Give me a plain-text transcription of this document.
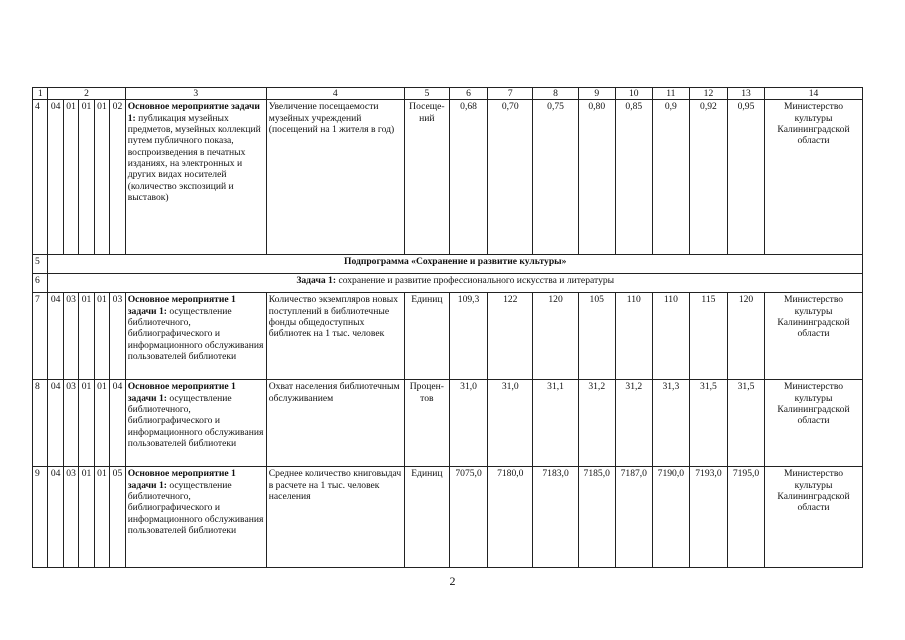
1	2					3	4	5	6	7	8	9	10	11	12	13	14
4	04	01	01	01	02	Основное мероприятие задачи 1: публикация музейных предметов, музейных коллекций путем публичного показа, воспроизведения в печатных изданиях, на электронных и других видах носителей (количество экспозиций и выставок)	Увеличение посещаемости музейных учреждений (посещений на 1 жителя в год)	Посеще-ний	0,68	0,70	0,75	0,80	0,85	0,9	0,92	0,95	Министерство культуры Калининградской области
5	Подпрограмма «Сохранение и развитие культуры»																
6	Задача 1: сохранение и развитие профессионального искусства и литературы																
7	04	03	01	01	03	Основное мероприятие 1 задачи 1: осуществление библиотечного, библиографического и информационного обслуживания пользователей библиотеки	Количество экземпляров новых поступлений в библиотечные фонды общедоступных библиотек на 1 тыс. человек	Единиц	109,3	122	120	105	110	110	115	120	Министерство культуры Калининградской области
8	04	03	01	01	04	Основное мероприятие 1 задачи 1: осуществление библиотечного, библиографического и информационного обслуживания пользователей библиотеки	Охват населения библиотечным обслуживанием	Процен-тов	31,0	31,0	31,1	31,2	31,2	31,3	31,5	31,5	Министерство культуры Калининградской области
9	04	03	01	01	05	Основное мероприятие 1 задачи 1: осуществление библиотечного, библиографического и информационного обслуживания пользователей библиотеки	Среднее количество книговыдач в расчете на 1 тыс. человек населения	Единиц	7075,0	7180,0	7183,0	7185,0	7187,0	7190,0	7193,0	7195,0	Министерство культуры Калининградской области
2
